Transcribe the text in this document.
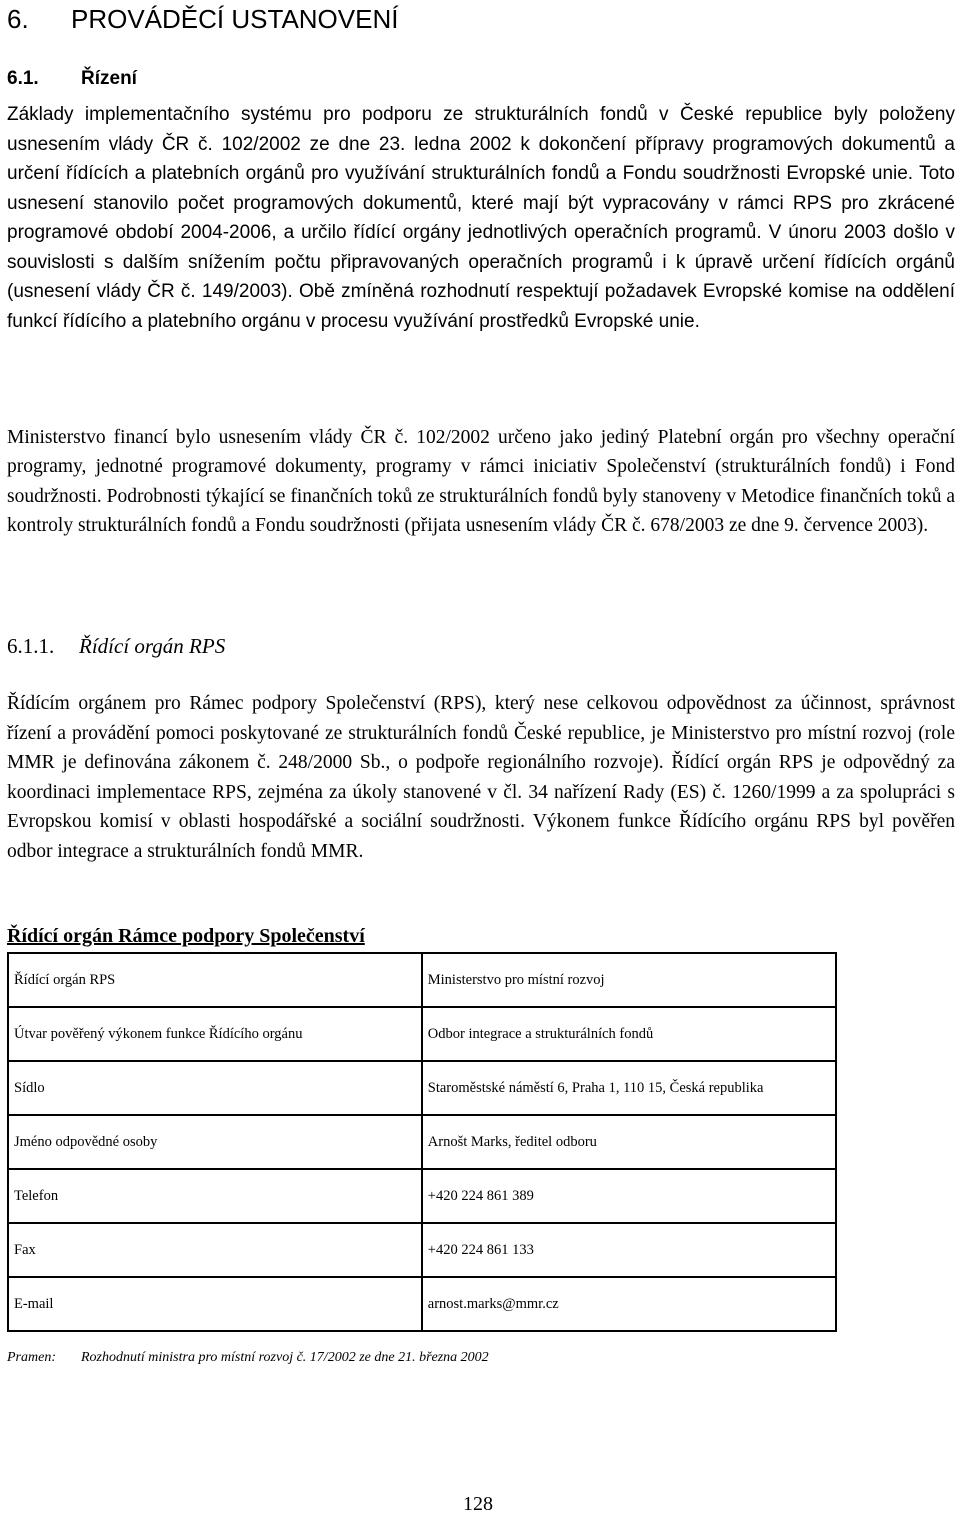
6. PROVÁDĚCÍ USTANOVENÍ
6.1. Řízení

Základy implementačního systému pro podporu ze strukturálních fondů v České republice byly položeny usnesením vlády ČR č. 102/2002 ze dne 23. ledna 2002 k dokončení přípravy programových dokumentů a určení řídících a platebních orgánů pro využívání strukturálních fondů a Fondu soudržnosti Evropské unie. Toto usnesení stanovilo počet programových dokumentů, které mají být vypracovány v rámci RPS pro zkrácené programové období 2004-2006, a určilo řídící orgány jednotlivých operačních programů. V únoru 2003 došlo v souvislosti s dalším snížením počtu připravovaných operačních programů i k úpravě určení řídících orgánů (usnesení vlády ČR č. 149/2003). Obě zmíněná rozhodnutí respektují požadavek Evropské komise na oddělení funkcí řídícího a platebního orgánu v procesu využívání prostředků Evropské unie.

Ministerstvo financí bylo usnesením vlády ČR č. 102/2002 určeno jako jediný Platební orgán pro všechny operační programy, jednotné programové dokumenty, programy v rámci iniciativ Společenství (strukturálních fondů) i Fond soudržnosti. Podrobnosti týkající se finančních toků ze strukturálních fondů byly stanoveny v Metodice finančních toků a kontroly strukturálních fondů a Fondu soudržnosti (přijata usnesením vlády ČR č. 678/2003 ze dne 9. července 2003).

6.1.1. Řídící orgán RPS

Řídícím orgánem pro Rámec podpory Společenství (RPS), který nese celkovou odpovědnost za účinnost, správnost řízení a provádění pomoci poskytované ze strukturálních fondů České republice, je Ministerstvo pro místní rozvoj (role MMR je definována zákonem č. 248/2000 Sb., o podpoře regionálního rozvoje). Řídící orgán RPS je odpovědný za koordinaci implementace RPS, zejména za úkoly stanovené v čl. 34 nařízení Rady (ES) č. 1260/1999 a za spolupráci s Evropskou komisí v oblasti hospodářské a sociální soudržnosti. Výkonem funkce Řídícího orgánu RPS byl pověřen odbor integrace a strukturálních fondů MMR.

Řídící orgán Rámce podpory Společenství
Řídící orgán RPS	Ministerstvo pro místní rozvoj
Útvar pověřený výkonem funkce Řídícího orgánu	Odbor integrace a strukturálních fondů
Sídlo	Staroměstské náměstí 6, Praha 1, 110 15, Česká republika
Jméno odpovědné osoby	Arnošt Marks, ředitel odboru
Telefon	+420 224 861 389
Fax	+420 224 861 133
E-mail	arnost.marks@mmr.cz
Pramen: Rozhodnutí ministra pro místní rozvoj č. 17/2002 ze dne 21. března 2002
128
